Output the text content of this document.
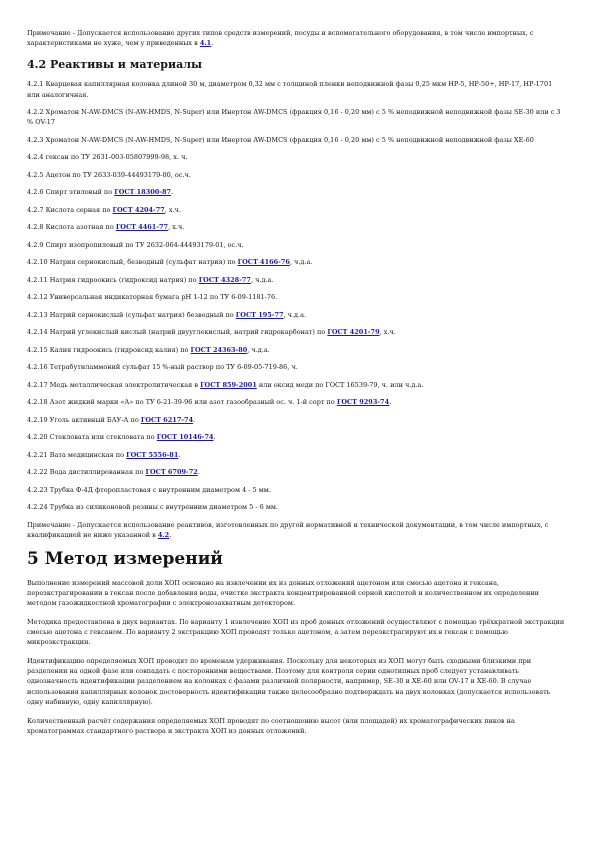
Примечание - Допускается использование других типов средств измерений, посуды и вспомогательного оборудования, в том числе импортных, с характеристиками не хуже, чем у приведенных в 4.1.

4.2 Реактивы и материалы

4.2.1 Кварцевая капиллярная колонка длиной 30 м, диаметром 0,32 мм с толщиной пленки неподвижной фазы 0,25 мкм НР-5, НР-50+, НР-17, НР-1701 или аналогичная.

4.2.2 Хромaтон N-AW-DMCS (N-AW-HMDS, N-Super) или Инертон AW-DMCS (фракция 0,16 - 0,20 мм) с 5 % неподвижной неподвижной фазы SE-30 или с 3 % OV-17

4.2.3 Хроматон N-AW-DMCS (N-AW-HMDS, N-Super) или Инертон AW-DMCS (фракция 0,16 - 0,20 мм) с 5 % неподвижной неподвижной фазы ХЕ-60

4.2.4 гексан по ТУ 2631-003-05807999-98, х. ч.

4.2.5 Ацетон по ТУ 2633-039-44493179-00, ос.ч.

4.2.6 Спирт этиловый по ГОСТ 18300-87.

4.2.7 Кислота серная по ГОСТ 4204-77, х.ч.

4.2.8 Кислота азотная по ГОСТ 4461-77, х.ч.

4.2.9 Спирт изопропиловый по ТУ 2632-064-44493179-01, ос.ч.

4.2.10 Натрия сернокислый, безводный (сульфат натрия) по ГОСТ 4166-76, ч.д.а.

4.2.11 Натрия гидроокись (гидроксид натрия) по ГОСТ 4328-77, ч.д.а.

4.2.12 Универсальная индикаторная бумага рН 1-12 по ТУ 6-09-1181-76.

4.2.13 Натрий сернокислый (сульфат натрия) безводный по ГОСТ 195-77, ч.д.а.

4.2.14 Натрий углекислый кислый (натрий двууглекислый, натрий гидрокарбонат) по ГОСТ 4201-79, х.ч.

4.2.15 Калия гидроокись (гидроксид калия) по ГОСТ 24363-80, ч.д.а.

4.2.16 Тетрабутиламмоний сульфат 15 %-ный раствор по ТУ 6-09-05-719-86, ч.

4.2.17 Медь металлическая электролитическая в ГОСТ 859-2001 или оксид меди по ГОСТ 16539-79, ч. или ч.д.а.

4.2.18 Азот жидкий марки «А» по ТУ 6-21-39-96 или азот газообразный ос. ч. 1-й сорт по ГОСТ 9293-74.

4.2.19 Уголь активный БАУ-А по ГОСТ 6217-74.

4.2.20 Стекловата или стекловата по ГОСТ 10146-74.

4.2.21 Вата медицинская по ГОСТ 5556-81.

4.2.22 Вода дистиллированная по ГОСТ 6709-72.

4.2.23 Трубка Ф-4Д фторопластовая с внутренним диаметром 4 - 5 мм.

4.2.24 Трубка из силиконовой резины с внутренним диаметром 5 - 6 мм.

Примечание - Допускается использование реактивов, изготовленных по другой нормативной и технической документации, в том числе импортных, с квалификацией не ниже указанной в 4.2.

5 Метод измерений

Выполнение измерений массовой доли ХОП основано на извлечении их из донных отложений ацетоном или смесью ацетона и гексана, переэкстрагировании в гексан после добавления воды, очистке экстракта концентрированной серной кислотой и количественном их определении методом газожидкостной хроматографии с электронозахватным детектором.

Методика предоставлена в двух вариантах. По варианту 1 извлечение ХОП из проб донных отложений осуществляют с помощью трёхкратной экстракции смесью ацетона с гексаном. По варианту 2 экстракцию ХОП проводят только ацетоном, а затем переэкстрагируют их в гексан с помощью микроэкстракции.

Идентификацию определяемых ХОП проводят по временам удерживания. Поскольку для некоторых из ХОП могут быть сходными близкими при разделении на одной фазе или совпадать с посторонними веществами. Поэтому для контроля серии однотипных проб следует устанавливать однозначность идентификации разделением на колонках с фазами различной полярности, например, SE-30 и ХЕ-60 или OV-17 и ХЕ-60. В случае использования капиллярных колонок достоверность идентификации также целесообразно подтверждать на двух колонках (допускается использовать одну набивную, одну капиллярную).

Количественный расчёт содержания определяемых ХОП проводят по соотношению высот (или площадей) их хроматографических пиков на хроматограммах стандартного раствора и экстракта ХОП из донных отложений.
